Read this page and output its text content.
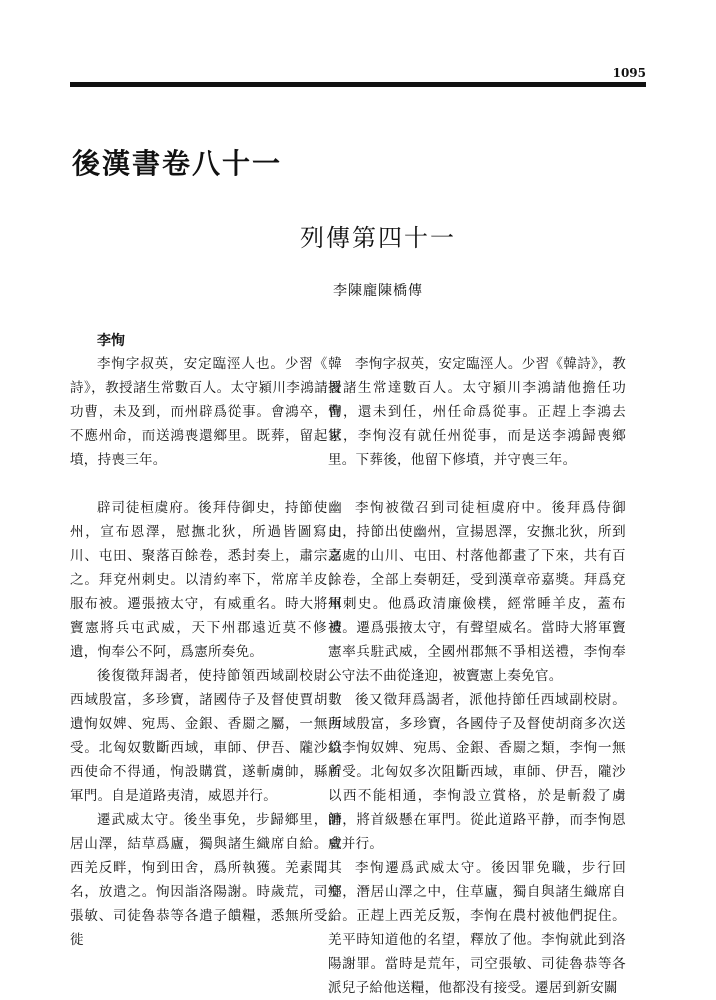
1095
後漢書卷八十一
列傳第四十一
李陳龐陳橋傳
李恂

李恂字叔英，安定臨涇人也。少習《韓詩》，教授諸生常數百人。太守潁川李鴻請署功曹，未及到，而州辟爲從事。會鴻卒，恂不應州命，而送鴻喪還鄉里。既葬，留起冢墳，持喪三年。

辟司徒桓虞府。後拜侍御史，持節使幽州，宣布恩澤，慰撫北狄，所過皆圖寫山川、屯田、聚落百餘卷，悉封奏上，肅宗嘉之。拜兗州刺史。以清約率下，常席羊皮，服布被。遷張掖太守，有威重名。時大將軍竇憲將兵屯武威，天下州郡遠近莫不修禮遺，恂奉公不阿，爲憲所奏免。

後復徵拜謁者，使持節領西域副校尉。西域殷富，多珍寶，諸國侍子及督使賈胡數遺恂奴婢、宛馬、金銀、香罽之屬，一無所受。北匈奴數斷西域，車師、伊吾、隴沙以西使命不得通，恂設購賞，遂斬虜帥，縣首軍門。自是道路夷清，威恩并行。

遷武威太守。後坐事免，步歸鄉里，潛居山澤，結草爲廬，獨與諸生織席自給。會西羌反畔，恂到田舍，爲所執獲。羌素聞其名，放遣之。恂因詣洛陽謝。時歲荒，司空張敏、司徒魯恭等各遣子饋糧，悉無所受。徙

李恂字叔英，安定臨涇人。少習《韓詩》，教授諸生常達數百人。太守潁川李鴻請他擔任功曹，還未到任，州任命爲從事。正趕上李鴻去世，李恂沒有就任州從事，而是送李鴻歸喪鄉里。下葬後，他留下修墳，并守喪三年。

李恂被徵召到司徒桓虞府中。後拜爲侍御史，持節出使幽州，宣揚恩澤，安撫北狄，所到之處的山川、屯田、村落他都畫了下來，共有百餘卷，全部上奏朝廷，受到漢章帝嘉獎。拜爲兗州刺史。他爲政清廉儉樸，經常睡羊皮，蓋布被。遷爲張掖太守，有聲望威名。當時大將軍竇憲率兵駐武威，全國州郡無不爭相送禮，李恂奉公守法不曲從逢迎，被竇憲上奏免官。

後又徵拜爲謁者，派他持節任西域副校尉。西域殷富，多珍寶，各國侍子及督使胡商多次送給李恂奴婢、宛馬、金銀、香罽之類，李恂一無所受。北匈奴多次阻斷西域，車師、伊吾，隴沙以西不能相通，李恂設立賞格，於是斬殺了虜帥，將首級懸在軍門。從此道路平静，而李恂恩威并行。

李恂遷爲武威太守。後因罪免職，步行回鄉，潛居山澤之中，住草廬，獨自與諸生織席自給。正趕上西羌反叛，李恂在農村被他們捉住。羌平時知道他的名望，釋放了他。李恂就此到洛陽謝罪。當時是荒年，司空張敏、司徒魯恭等各派兒子給他送糧，他都没有接受。遷居到新安關
